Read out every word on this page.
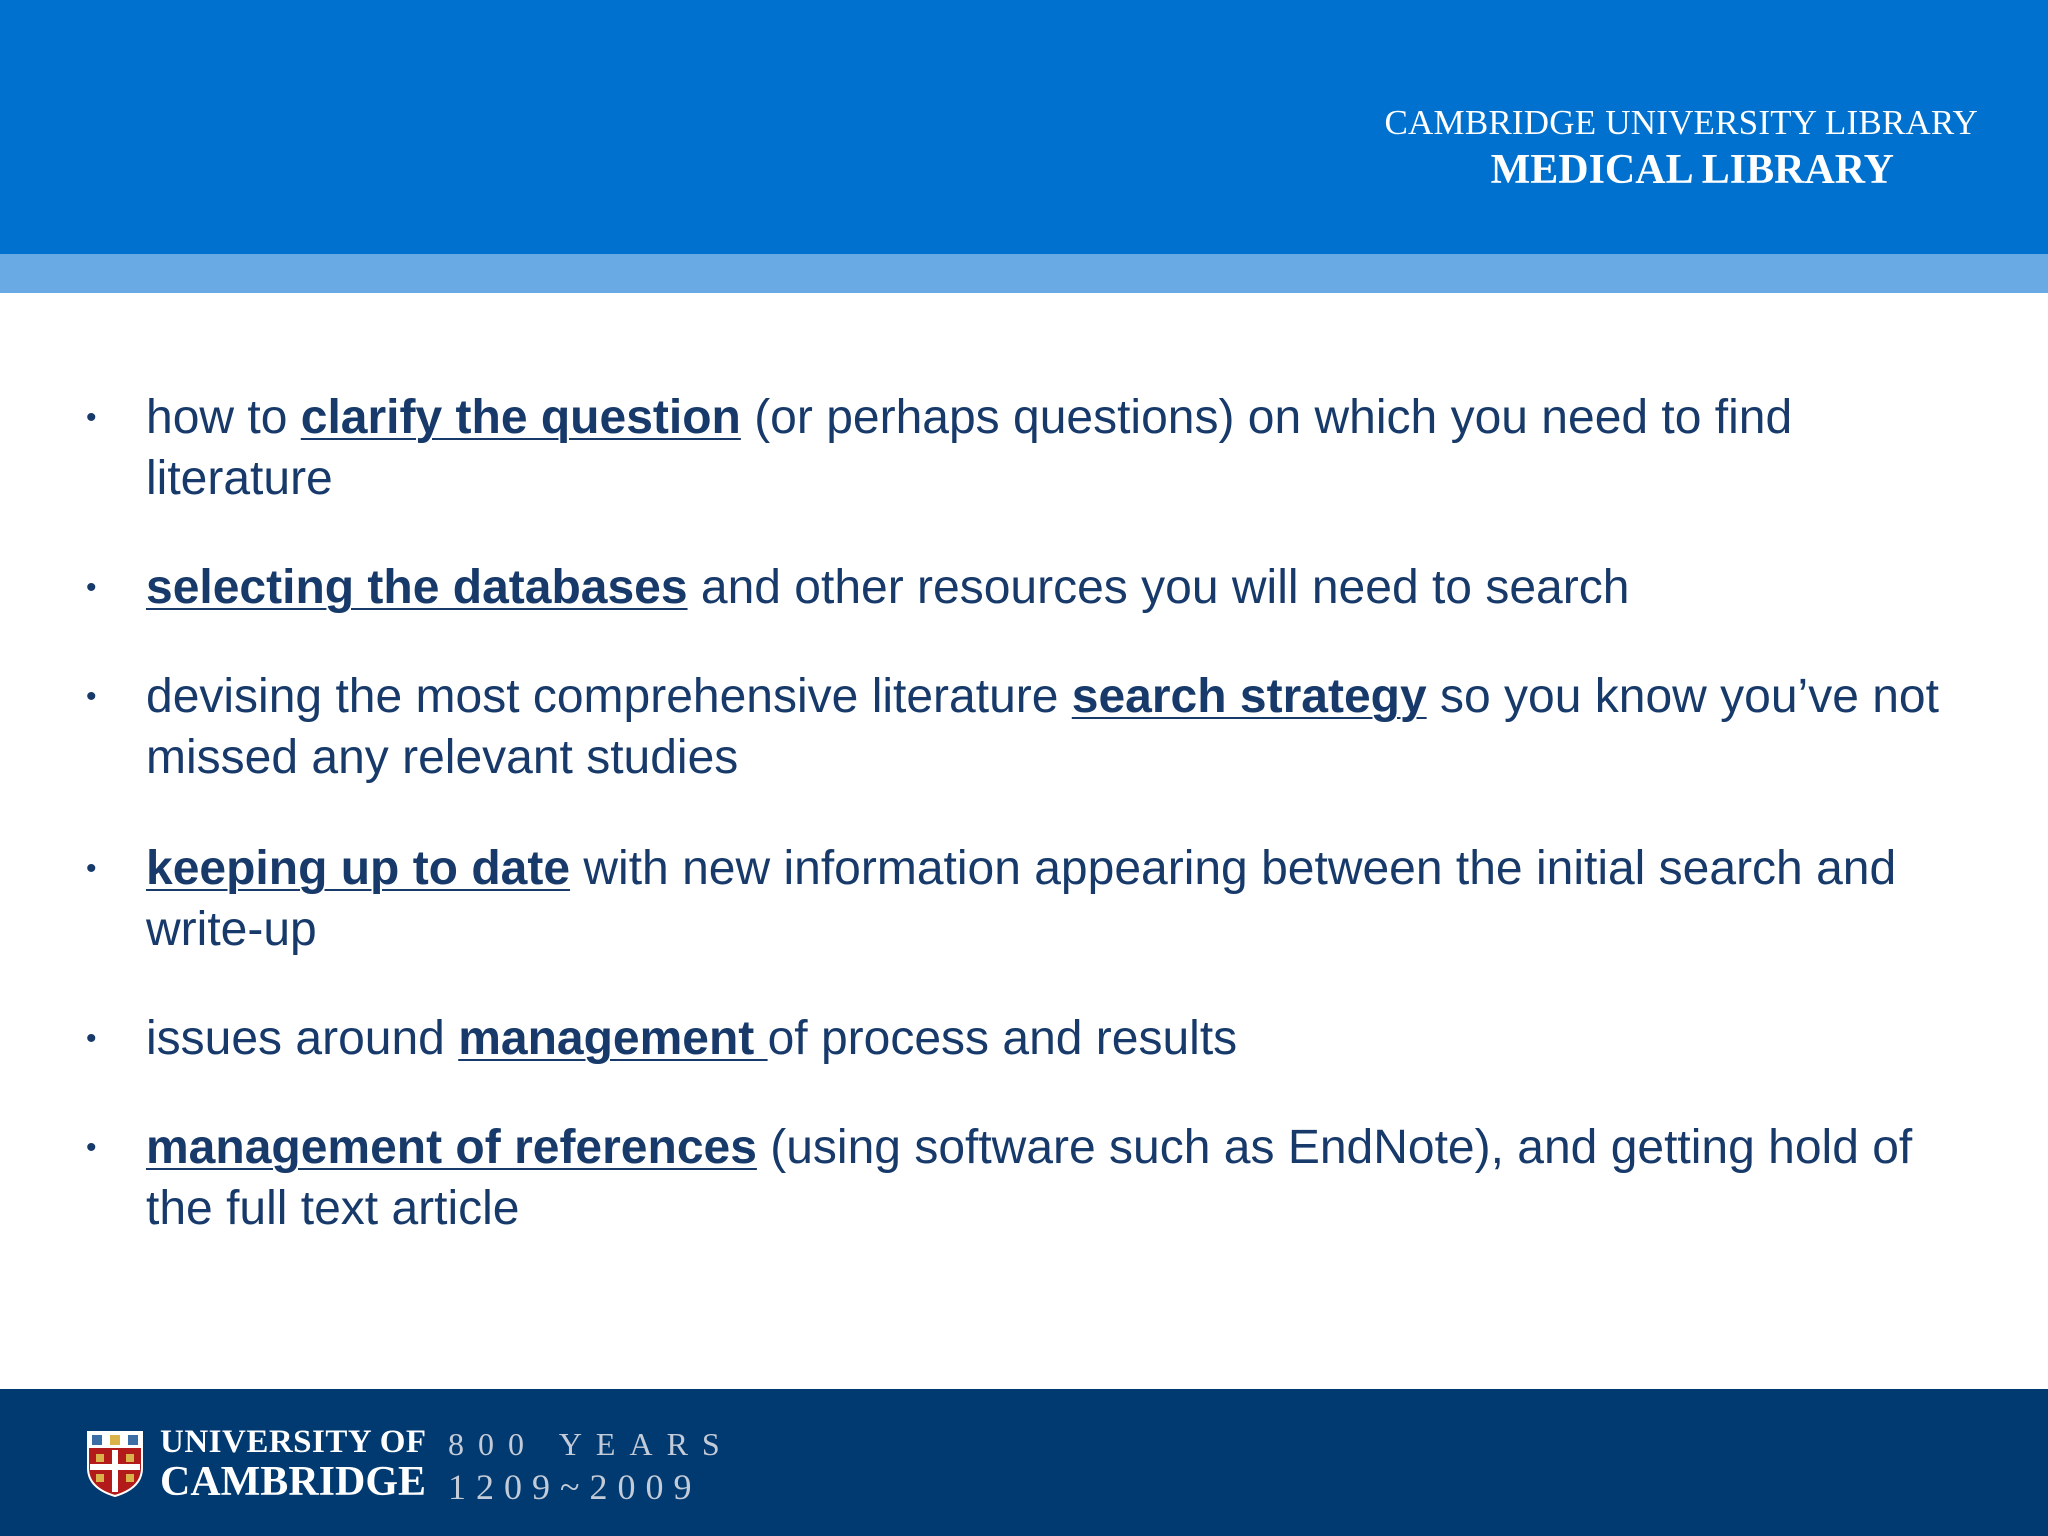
CAMBRIDGE UNIVERSITY LIBRARY
MEDICAL LIBRARY
• how to clarify the question (or perhaps questions) on which you need to find literature
• selecting the databases and other resources you will need to search
• devising the most comprehensive literature search strategy so you know you’ve not missed any relevant studies
• keeping up to date with new information appearing between the initial search and write-up
• issues around management of process and results
• management of references (using software such as EndNote), and getting hold of the full text article
UNIVERSITY OF
CAMBRIDGE
800 YEARS
1209~2009
